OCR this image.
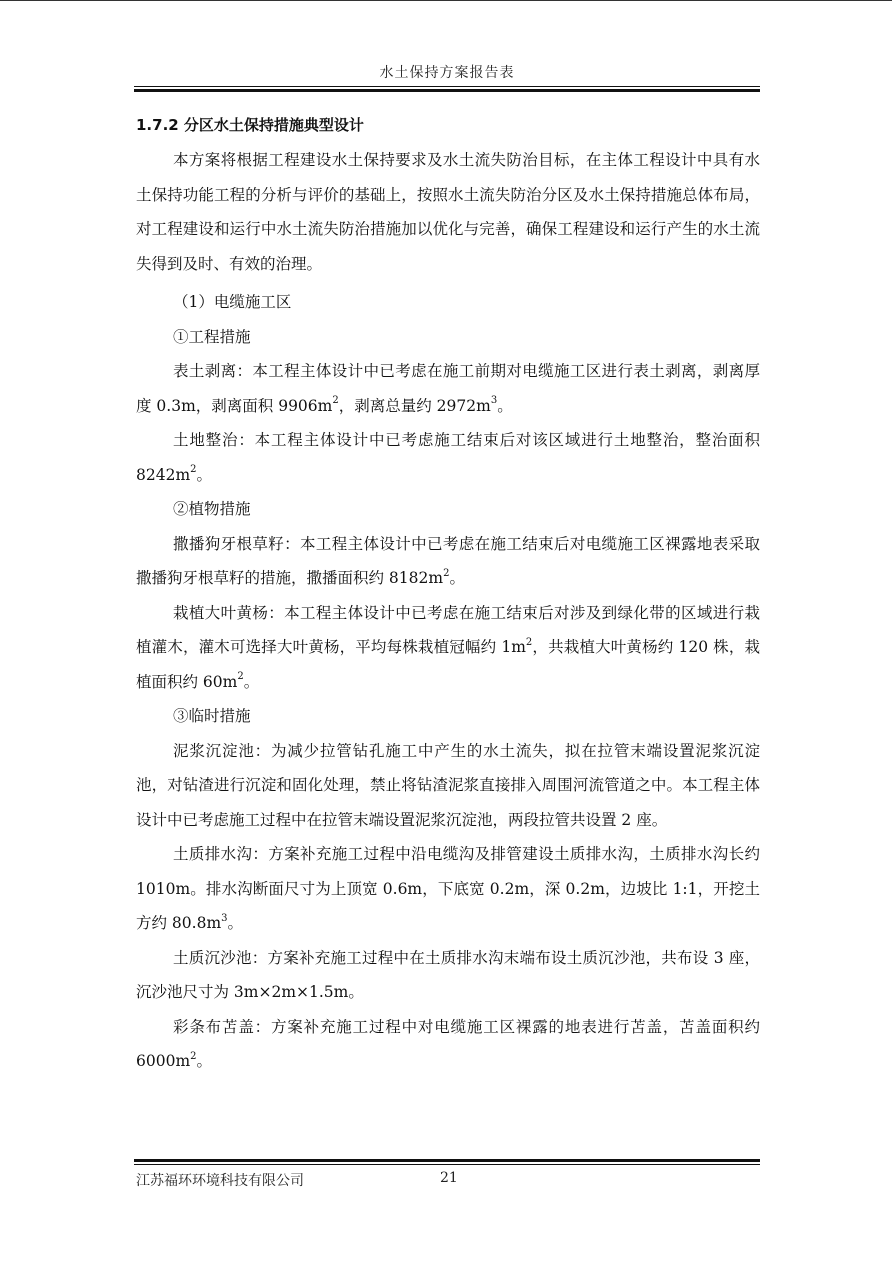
水土保持方案报告表

1.7.2 分区水土保持措施典型设计

本方案将根据工程建设水土保持要求及水土流失防治目标，在主体工程设计中具有水土保持功能工程的分析与评价的基础上，按照水土流失防治分区及水土保持措施总体布局，对工程建设和运行中水土流失防治措施加以优化与完善，确保工程建设和运行产生的水土流失得到及时、有效的治理。

（1）电缆施工区

①工程措施

表土剥离：本工程主体设计中已考虑在施工前期对电缆施工区进行表土剥离，剥离厚度 0.3m，剥离面积 $9906m^2$，剥离总量约 $2972m^3$。

土地整治：本工程主体设计中已考虑施工结束后对该区域进行土地整治，整治面积 $8242m^2$。

②植物措施

撒播狗牙根草籽：本工程主体设计中已考虑在施工结束后对电缆施工区裸露地表采取撒播狗牙根草籽的措施，撒播面积约 $8182m^2$。

栽植大叶黄杨：本工程主体设计中已考虑在施工结束后对涉及到绿化带的区域进行栽植灌木，灌木可选择大叶黄杨，平均每株栽植冠幅约 $1m^2$，共栽植大叶黄杨约 120 株，栽植面积约 $60m^2$。

③临时措施

泥浆沉淀池：为减少拉管钻孔施工中产生的水土流失，拟在拉管末端设置泥浆沉淀池，对钻渣进行沉淀和固化处理，禁止将钻渣泥浆直接排入周围河流管道之中。本工程主体设计中已考虑施工过程中在拉管末端设置泥浆沉淀池，两段拉管共设置 2 座。

土质排水沟：方案补充施工过程中沿电缆沟及排管建设土质排水沟，土质排水沟长约 1010m。排水沟断面尺寸为上顶宽 0.6m，下底宽 0.2m，深 0.2m，边坡比 1:1，开挖土方约 $80.8m^3$。

土质沉沙池：方案补充施工过程中在土质排水沟末端布设土质沉沙池，共布设 3 座，沉沙池尺寸为 3m×2m×1.5m。

彩条布苫盖：方案补充施工过程中对电缆施工区裸露的地表进行苫盖，苫盖面积约 $6000m^2$。

江苏福环环境科技有限公司	21
